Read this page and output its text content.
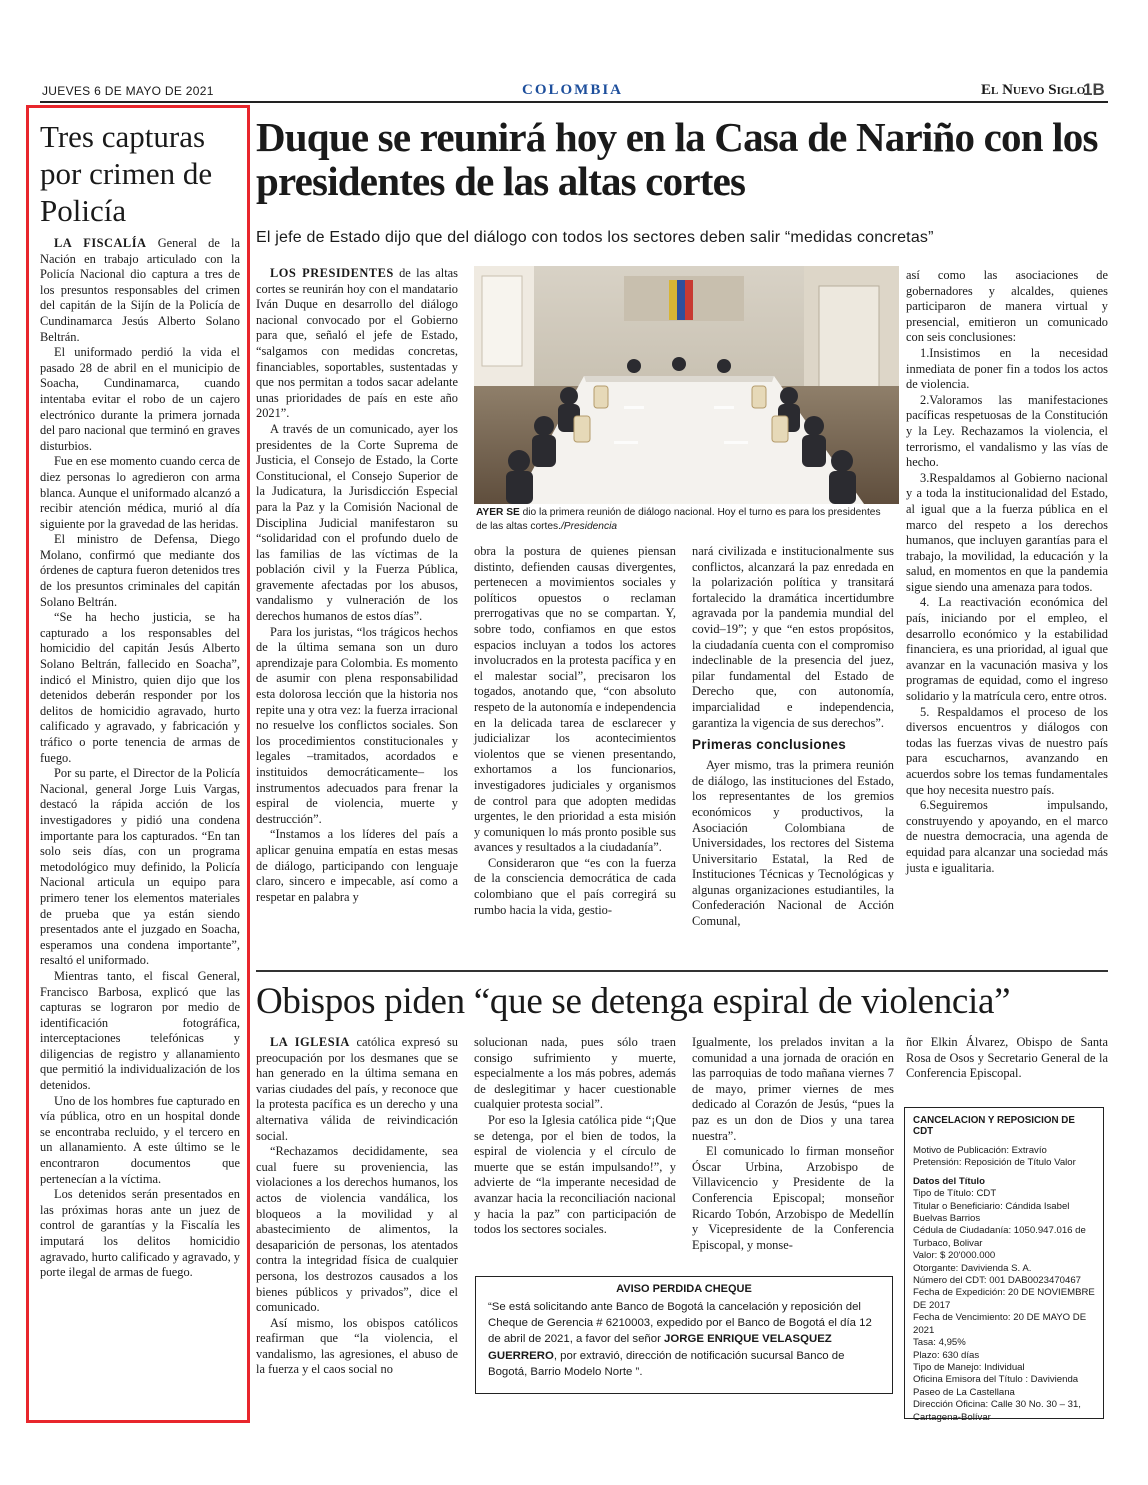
JUEVES 6 DE MAYO DE 2021	COLOMBIA	El Nuevo Siglo
1B
Tres capturas por crimen de Policía

LA FISCALÍA General de la Nación en trabajo articulado con la Policía Nacional dio captura a tres de los presuntos responsables del crimen del capitán de la Sijín de la Policía de Cundinamarca Jesús Alberto Solano Beltrán.

El uniformado perdió la vida el pasado 28 de abril en el municipio de Soacha, Cundinamarca, cuando intentaba evitar el robo de un cajero electrónico durante la primera jornada del paro nacional que terminó en graves disturbios.

Fue en ese momento cuando cerca de diez personas lo agredieron con arma blanca. Aunque el uniformado alcanzó a recibir atención médica, murió al día siguiente por la gravedad de las heridas.

El ministro de Defensa, Diego Molano, confirmó que mediante dos órdenes de captura fueron detenidos tres de los presuntos criminales del capitán Solano Beltrán.

“Se ha hecho justicia, se ha capturado a los responsables del homicidio del capitán Jesús Alberto Solano Beltrán, fallecido en Soacha”, indicó el Ministro, quien dijo que los detenidos deberán responder por los delitos de homicidio agravado, hurto calificado y agravado, y fabricación y tráfico o porte tenencia de armas de fuego.

Por su parte, el Director de la Policía Nacional, general Jorge Luis Vargas, destacó la rápida acción de los investigadores y pidió una condena importante para los capturados. “En tan solo seis días, con un programa metodológico muy definido, la Policía Nacional articula un equipo para primero tener los elementos materiales de prueba que ya están siendo presentados ante el juzgado en Soacha, esperamos una condena importante”, resaltó el uniformado.

Mientras tanto, el fiscal General, Francisco Barbosa, explicó que las capturas se lograron por medio de identificación fotográfica, interceptaciones telefónicas y diligencias de registro y allanamiento que permitió la individualización de los detenidos.

Uno de los hombres fue capturado en vía pública, otro en un hospital donde se encontraba recluido, y el tercero en un allanamiento. A este último se le encontraron documentos que pertenecían a la víctima.

Los detenidos serán presentados en las próximas horas ante un juez de control de garantías y la Fiscalía les imputará los delitos homicidio agravado, hurto calificado y agravado, y porte ilegal de armas de fuego.

Duque se reunirá hoy en la Casa de Nariño con los presidentes de las altas cortes
El jefe de Estado dijo que del diálogo con todos los sectores deben salir “medidas concretas”

LOS PRESIDENTES de las altas cortes se reunirán hoy con el mandatario Iván Duque en desarrollo del diálogo nacional convocado por el Gobierno para que, señaló el jefe de Estado, “salgamos con medidas concretas, financiables, soportables, sustentadas y que nos permitan a todos sacar adelante unas prioridades de país en este año 2021”.

A través de un comunicado, ayer los presidentes de la Corte Suprema de Justicia, el Consejo de Estado, la Corte Constitucional, el Consejo Superior de la Judicatura, la Jurisdicción Especial para la Paz y la Comisión Nacional de Disciplina Judicial manifestaron su “solidaridad con el profundo duelo de las familias de las víctimas de la población civil y la Fuerza Pública, gravemente afectadas por los abusos, vandalismo y vulneración de los derechos humanos de estos días”.

Para los juristas, “los trágicos hechos de la última semana son un duro aprendizaje para Colombia. Es momento de asumir con plena responsabilidad esta dolorosa lección que la historia nos repite una y otra vez: la fuerza irracional no resuelve los conflictos sociales. Son los procedimientos constitucionales y legales –tramitados, acordados e instituidos democráticamente– los instrumentos adecuados para frenar la espiral de violencia, muerte y destrucción”.

“Instamos a los líderes del país a aplicar genuina empatía en estas mesas de diálogo, participando con lenguaje claro, sincero e impecable, así como a respetar en palabra y

AYER SE dio la primera reunión de diálogo nacional. Hoy el turno es para los presidentes de las altas cortes./Presidencia

obra la postura de quienes piensan distinto, defienden causas divergentes, pertenecen a movimientos sociales y políticos opuestos o reclaman prerrogativas que no se compartan. Y, sobre todo, confiamos en que estos espacios incluyan a todos los actores involucrados en la protesta pacífica y en el malestar social”, precisaron los togados, anotando que, “con absoluto respeto de la autonomía e independencia en la delicada tarea de esclarecer y judicializar los acontecimientos violentos que se vienen presentando, exhortamos a los funcionarios, investigadores judiciales y organismos de control para que adopten medidas urgentes, le den prioridad a esta misión y comuniquen lo más pronto posible sus avances y resultados a la ciudadanía”.

Consideraron que “es con la fuerza de la consciencia democrática de cada colombiano que el país corregirá su rumbo hacia la vida, gestio-

nará civilizada e institucionalmente sus conflictos, alcanzará la paz enredada en la polarización política y transitará fortalecido la dramática incertidumbre agravada por la pandemia mundial del covid–19”; y que “en estos propósitos, la ciudadanía cuenta con el compromiso indeclinable de la presencia del juez, pilar fundamental del Estado de Derecho que, con autonomía, imparcialidad e independencia, garantiza la vigencia de sus derechos”.

Primeras conclusiones

Ayer mismo, tras la primera reunión de diálogo, las instituciones del Estado, los representantes de los gremios económicos y productivos, la Asociación Colombiana de Universidades, los rectores del Sistema Universitario Estatal, la Red de Instituciones Técnicas y Tecnológicas y algunas organizaciones estudiantiles, la Confederación Nacional de Acción Comunal,

así como las asociaciones de gobernadores y alcaldes, quienes participaron de manera virtual y presencial, emitieron un comunicado con seis conclusiones:

1.Insistimos en la necesidad inmediata de poner fin a todos los actos de violencia.

2.Valoramos las manifestaciones pacíficas respetuosas de la Constitución y la Ley. Rechazamos la violencia, el terrorismo, el vandalismo y las vías de hecho.

3.Respaldamos al Gobierno nacional y a toda la institucionalidad del Estado, al igual que a la fuerza pública en el marco del respeto a los derechos humanos, que incluyen garantías para el trabajo, la movilidad, la educación y la salud, en momentos en que la pandemia sigue siendo una amenaza para todos.

4. La reactivación económica del país, iniciando por el empleo, el desarrollo económico y la estabilidad financiera, es una prioridad, al igual que avanzar en la vacunación masiva y los programas de equidad, como el ingreso solidario y la matrícula cero, entre otros.

5. Respaldamos el proceso de los diversos encuentros y diálogos con todas las fuerzas vivas de nuestro país para escucharnos, avanzando en acuerdos sobre los temas fundamentales que hoy necesita nuestro país.

6.Seguiremos impulsando, construyendo y apoyando, en el marco de nuestra democracia, una agenda de equidad para alcanzar una sociedad más justa e igualitaria.

Obispos piden “que se detenga espiral de violencia”

LA IGLESIA católica expresó su preocupación por los desmanes que se han generado en la última semana en varias ciudades del país, y reconoce que la protesta pacífica es un derecho y una alternativa válida de reivindicación social.

“Rechazamos decididamente, sea cual fuere su proveniencia, las violaciones a los derechos humanos, los actos de violencia vandálica, los bloqueos a la movilidad y al abastecimiento de alimentos, la desaparición de personas, los atentados contra la integridad física de cualquier persona, los destrozos causados a los bienes públicos y privados”, dice el comunicado.

Así mismo, los obispos católicos reafirman que “la violencia, el vandalismo, las agresiones, el abuso de la fuerza y el caos social no

solucionan nada, pues sólo traen consigo sufrimiento y muerte, especialmente a los más pobres, además de deslegitimar y hacer cuestionable cualquier protesta social”.

Por eso la Iglesia católica pide “¡Que se detenga, por el bien de todos, la espiral de violencia y el círculo de muerte que se están impulsando!”, y advierte de “la imperante necesidad de avanzar hacia la reconciliación nacional y hacia la paz” con participación de todos los sectores sociales.

Igualmente, los prelados invitan a la comunidad a una jornada de oración en las parroquias de todo mañana viernes 7 de mayo, primer viernes de mes dedicado al Corazón de Jesús, “pues la paz es un don de Dios y una tarea nuestra”.

El comunicado lo firman monseñor Óscar Urbina, Arzobispo de Villavicencio y Presidente de la Conferencia Episcopal; monseñor Ricardo Tobón, Arzobispo de Medellín y Vicepresidente de la Conferencia Episcopal, y monse-

ñor Elkin Álvarez, Obispo de Santa Rosa de Osos y Secretario General de la Conferencia Episcopal.

AVISO PERDIDA CHEQUE
“Se está solicitando ante Banco de Bogotá la cancelación y reposición del Cheque de Gerencia # 6210003, expedido por el Banco de Bogotá el día 12 de abril de 2021, a favor del señor JORGE ENRIQUE VELASQUEZ GUERRERO, por extravió, dirección de notificación sucursal Banco de Bogotá, Barrio Modelo Norte ”.
CANCELACION Y REPOSICION DE CDT

Motivo de Publicación: Extravío

Pretensión: Reposición de Título Valor

Datos del Título

Tipo de Título: CDT

Titular o Beneficiario: Cándida Isabel Buelvas Barrios

Cédula de Ciudadanía: 1050.947.016 de Turbaco, Bolivar

Valor: $ 20'000.000

Otorgante: Davivienda S. A.

Número del CDT: 001 DAB0023470467

Fecha de Expedición: 20 DE NOVIEMBRE DE 2017

Fecha de Vencimiento: 20 DE MAYO DE 2021

Tasa: 4,95%

Plazo: 630 días

Tipo de Manejo: Individual

Oficina Emisora del Título : Davivienda Paseo de La Castellana

Dirección Oficina: Calle 30 No. 30 – 31, Cartagena-Bolívar
